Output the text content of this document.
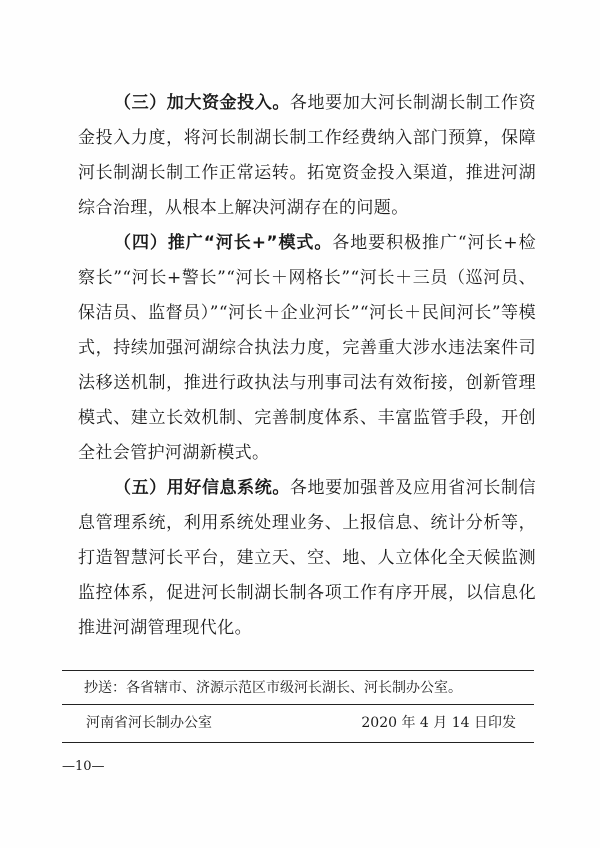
（三）加大资金投入。各地要加大河长制湖长制工作资金投入力度，将河长制湖长制工作经费纳入部门预算，保障河长制湖长制工作正常运转。拓宽资金投入渠道，推进河湖综合治理，从根本上解决河湖存在的问题。

（四）推广“河长+”模式。各地要积极推广“河长+检察长”“河长+警长”“河长＋网格长”“河长＋三员（巡河员、保洁员、监督员）”“河长＋企业河长”“河长＋民间河长”等模式，持续加强河湖综合执法力度，完善重大涉水违法案件司法移送机制，推进行政执法与刑事司法有效衔接，创新管理模式、建立长效机制、完善制度体系、丰富监管手段，开创全社会管护河湖新模式。

（五）用好信息系统。各地要加强普及应用省河长制信息管理系统，利用系统处理业务、上报信息、统计分析等，打造智慧河长平台，建立天、空、地、人立体化全天候监测监控体系，促进河长制湖长制各项工作有序开展，以信息化推进河湖管理现代化。

抄送：各省辖市、济源示范区市级河长湖长、河长制办公室。
河南省河长制办公室	2020 年 4 月 14 日印发
—10—
